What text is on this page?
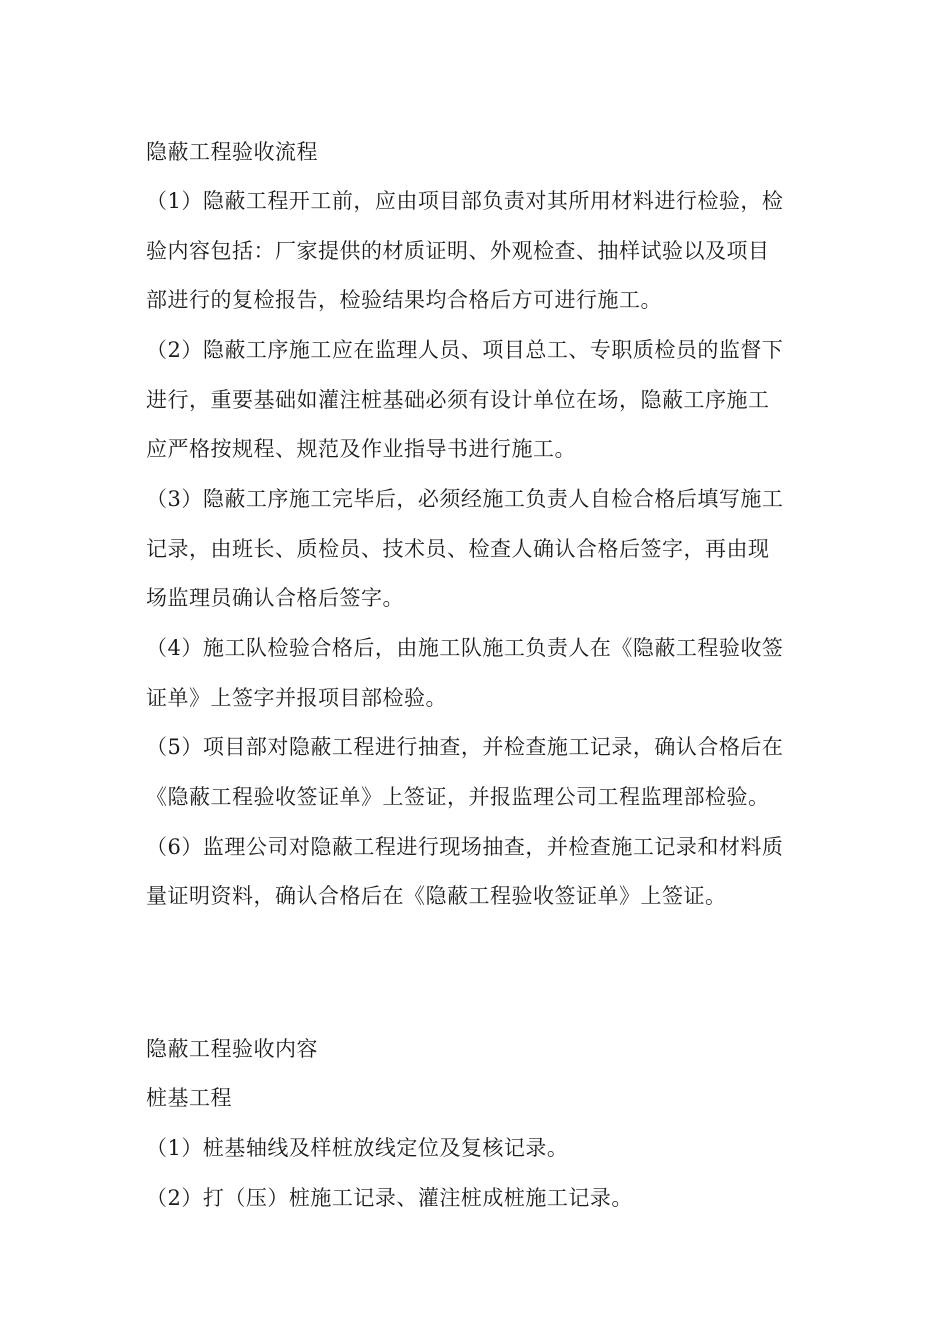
隐蔽工程验收流程
（1）隐蔽工程开工前，应由项目部负责对其所用材料进行检验，检
验内容包括：厂家提供的材质证明、外观检查、抽样试验以及项目
部进行的复检报告，检验结果均合格后方可进行施工。
（2）隐蔽工序施工应在监理人员、项目总工、专职质检员的监督下
进行，重要基础如灌注桩基础必须有设计单位在场，隐蔽工序施工
应严格按规程、规范及作业指导书进行施工。
（3）隐蔽工序施工完毕后，必须经施工负责人自检合格后填写施工
记录，由班长、质检员、技术员、检查人确认合格后签字，再由现
场监理员确认合格后签字。
（4）施工队检验合格后，由施工队施工负责人在《隐蔽工程验收签
证单》上签字并报项目部检验。
（5）项目部对隐蔽工程进行抽查，并检查施工记录，确认合格后在
《隐蔽工程验收签证单》上签证，并报监理公司工程监理部检验。
（6）监理公司对隐蔽工程进行现场抽查，并检查施工记录和材料质
量证明资料，确认合格后在《隐蔽工程验收签证单》上签证。
隐蔽工程验收内容
桩基工程
（1）桩基轴线及样桩放线定位及复核记录。
（2）打（压）桩施工记录、灌注桩成桩施工记录。
